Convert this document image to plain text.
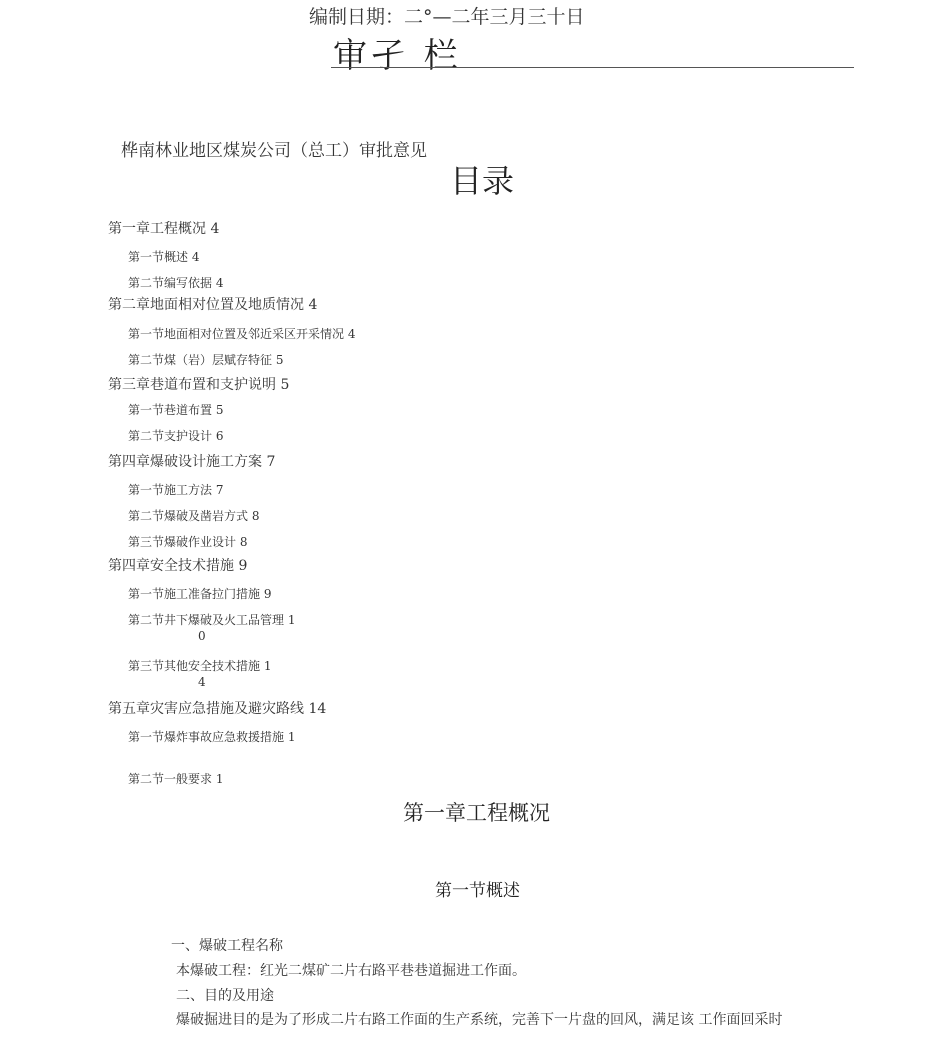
编制日期：二°—二年三月三十日
审孑 栏
桦南林业地区煤炭公司（总工）审批意见
目录
第一章工程概况 4
第一节概述 4
第二节编写依据 4
第二章地面相对位置及地质情况 4
第一节地面相对位置及邻近采区开采情况 4
第二节煤（岩）层赋存特征 5
第三章巷道布置和支护说明 5
第一节巷道布置 5
第二节支护设计 6
第四章爆破设计施工方案 7
第一节施工方法 7
第二节爆破及凿岩方式 8
第三节爆破作业设计 8
第四章安全技术措施 9
第一节施工准备拉门措施 9
第二节井下爆破及火工品管理 1
0
第三节其他安全技术措施 1
4
第五章灾害应急措施及避灾路线 14
第一节爆炸事故应急救援措施 1
第二节一般要求 1
第一章工程概况
第一节概述
一、爆破工程名称
本爆破工程：红光二煤矿二片右路平巷巷道掘进工作面。
二、目的及用途
爆破掘进目的是为了形成二片右路工作面的生产系统，完善下一片盘的回风，满足该 工作面回采时
